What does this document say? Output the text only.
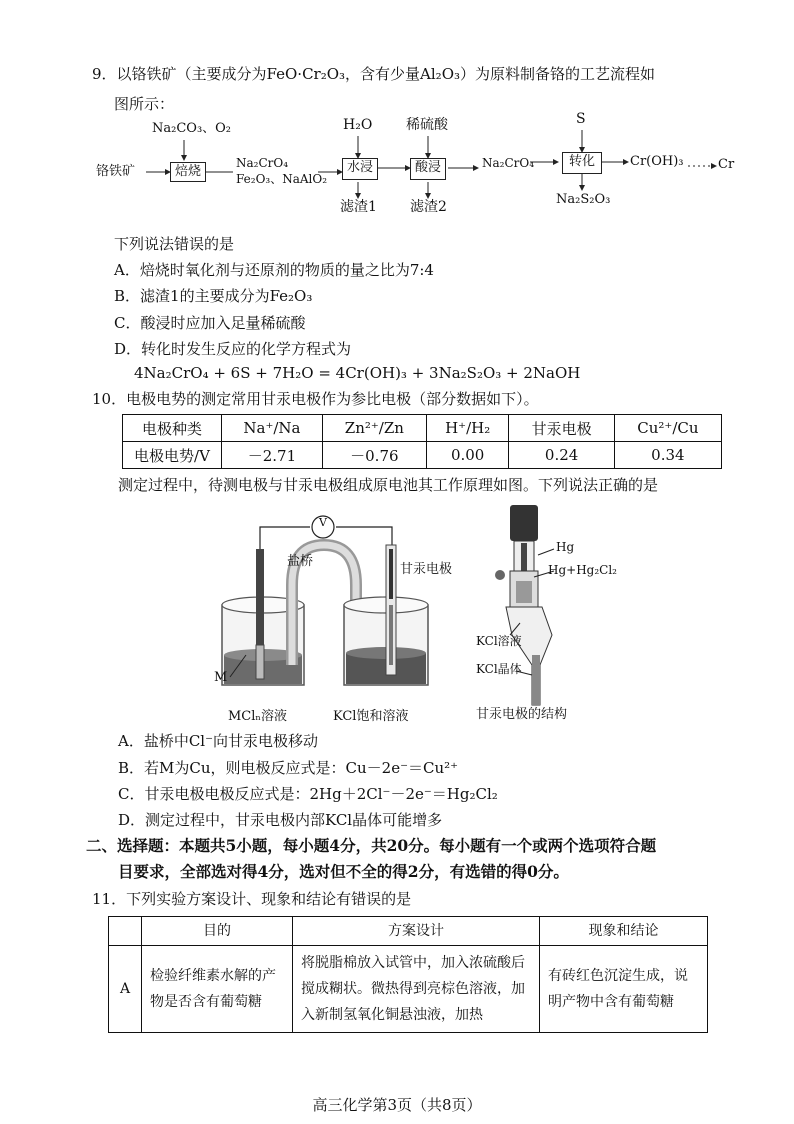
9．以铬铁矿（主要成分为FeO·Cr₂O₃，含有少量Al₂O₃）为原料制备铬的工艺流程如
图所示：
铬铁矿
Na₂CO₃、O₂
焙烧
Na₂CrO₄
Fe₂O₃、NaAlO₂
H₂O
水浸
滤渣1
稀硫酸
酸浸
滤渣2
Na₂CrO₄
S
转化
Na₂S₂O₃
Cr(OH)₃	Cr
下列说法错误的是
A．焙烧时氧化剂与还原剂的物质的量之比为7:4
B．滤渣1的主要成分为Fe₂O₃
C．酸浸时应加入足量稀硫酸
D．转化时发生反应的化学方程式为
4Na₂CrO₄ + 6S + 7H₂O = 4Cr(OH)₃ + 3Na₂S₂O₃ + 2NaOH
10．电极电势的测定常用甘汞电极作为参比电极（部分数据如下）。
电极种类	Na⁺/Na	Zn²⁺/Zn	H⁺/H₂	甘汞电极	Cu²⁺/Cu
电极电势/V	－2.71	－0.76	0.00	0.24	0.34
测定过程中，待测电极与甘汞电极组成原电池其工作原理如图。下列说法正确的是
V
盐桥
甘汞电极
M
MClₙ溶液	KCl饱和溶液
Hg
Hg+Hg₂Cl₂
KCl溶液
KCl晶体
甘汞电极的结构
A．盐桥中Cl⁻向甘汞电极移动
B．若M为Cu，则电极反应式是：Cu－2e⁻＝Cu²⁺
C．甘汞电极电极反应式是：2Hg＋2Cl⁻－2e⁻＝Hg₂Cl₂
D．测定过程中，甘汞电极内部KCl晶体可能增多
二、选择题：本题共5小题，每小题4分，共20分。每小题有一个或两个选项符合题
目要求，全部选对得4分，选对但不全的得2分，有选错的得0分。
11．下列实验方案设计、现象和结论有错误的是
	目的	方案设计	现象和结论
A	检验纤维素水解的产物是否含有葡萄糖	将脱脂棉放入试管中，加入浓硫酸后搅成糊状。微热得到亮棕色溶液，加入新制氢氧化铜悬浊液，加热	有砖红色沉淀生成，说明产物中含有葡萄糖
高三化学第3页（共8页）
